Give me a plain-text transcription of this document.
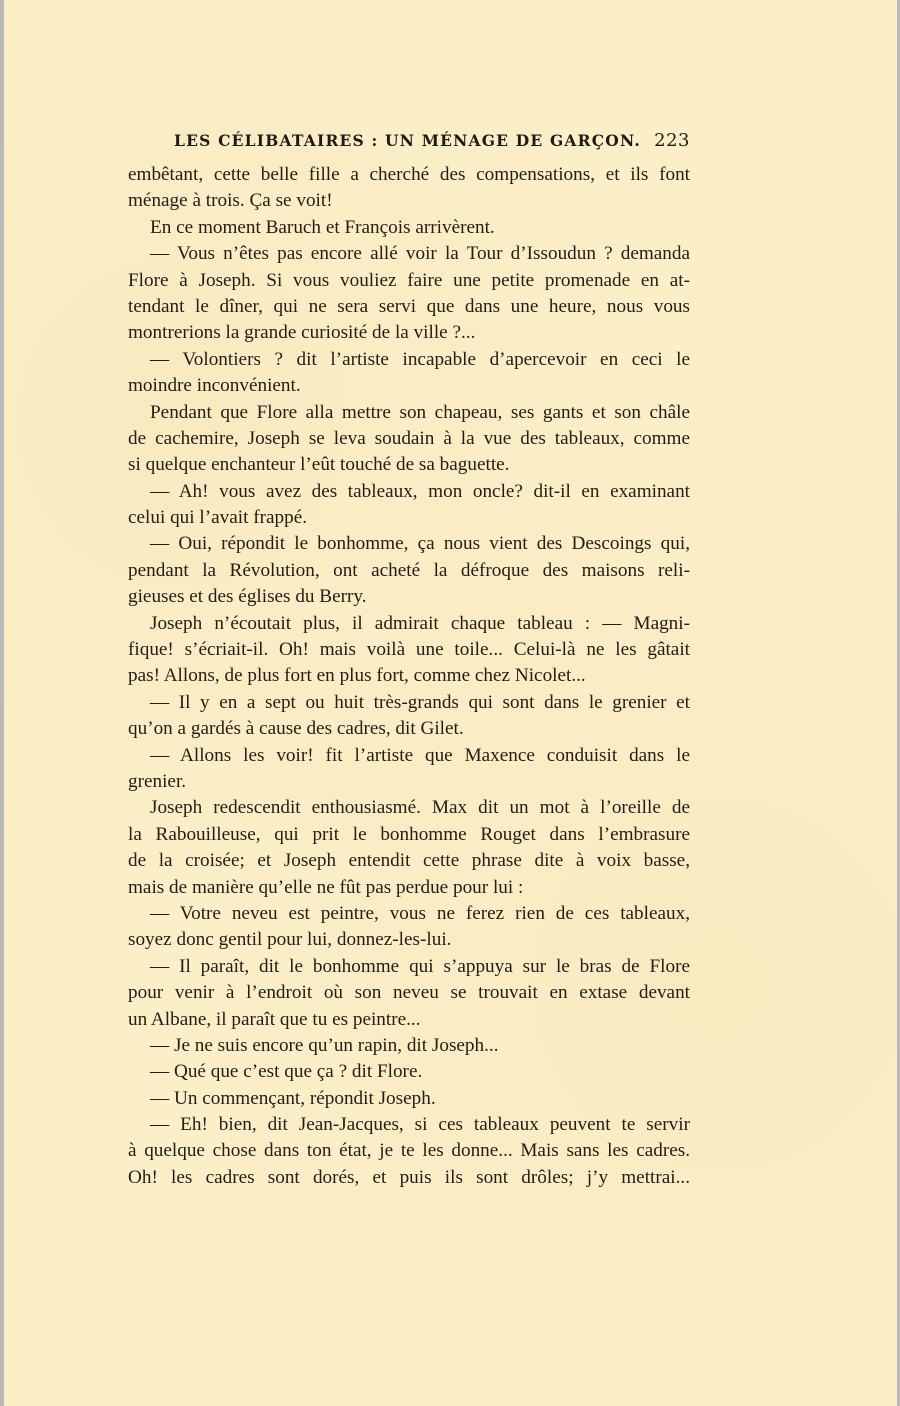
LES CÉLIBATAIRES : UN MÉNAGE DE GARÇON. 223
embêtant, cette belle fille a cherché des compensations, et ils font
ménage à trois. Ça se voit!
En ce moment Baruch et François arrivèrent.
— Vous n’êtes pas encore allé voir la Tour d’Issoudun ? demanda
Flore à Joseph. Si vous vouliez faire une petite promenade en at-
tendant le dîner, qui ne sera servi que dans une heure, nous vous
montrerions la grande curiosité de la ville ?...
— Volontiers ? dit l’artiste incapable d’apercevoir en ceci le
moindre inconvénient.
Pendant que Flore alla mettre son chapeau, ses gants et son châle
de cachemire, Joseph se leva soudain à la vue des tableaux, comme
si quelque enchanteur l’eût touché de sa baguette.
— Ah! vous avez des tableaux, mon oncle? dit-il en examinant
celui qui l’avait frappé.
— Oui, répondit le bonhomme, ça nous vient des Descoings qui,
pendant la Révolution, ont acheté la défroque des maisons reli-
gieuses et des églises du Berry.
Joseph n’écoutait plus, il admirait chaque tableau : — Magni-
fique! s’écriait-il. Oh! mais voilà une toile... Celui-là ne les gâtait
pas! Allons, de plus fort en plus fort, comme chez Nicolet...
— Il y en a sept ou huit très-grands qui sont dans le grenier et
qu’on a gardés à cause des cadres, dit Gilet.
— Allons les voir! fit l’artiste que Maxence conduisit dans le
grenier.
Joseph redescendit enthousiasmé. Max dit un mot à l’oreille de
la Rabouilleuse, qui prit le bonhomme Rouget dans l’embrasure
de la croisée; et Joseph entendit cette phrase dite à voix basse,
mais de manière qu’elle ne fût pas perdue pour lui :
— Votre neveu est peintre, vous ne ferez rien de ces tableaux,
soyez donc gentil pour lui, donnez-les-lui.
— Il paraît, dit le bonhomme qui s’appuya sur le bras de Flore
pour venir à l’endroit où son neveu se trouvait en extase devant
un Albane, il paraît que tu es peintre...
— Je ne suis encore qu’un rapin, dit Joseph...
— Qué que c’est que ça ? dit Flore.
— Un commençant, répondit Joseph.
— Eh! bien, dit Jean-Jacques, si ces tableaux peuvent te servir
à quelque chose dans ton état, je te les donne... Mais sans les cadres.
Oh! les cadres sont dorés, et puis ils sont drôles; j’y mettrai...
